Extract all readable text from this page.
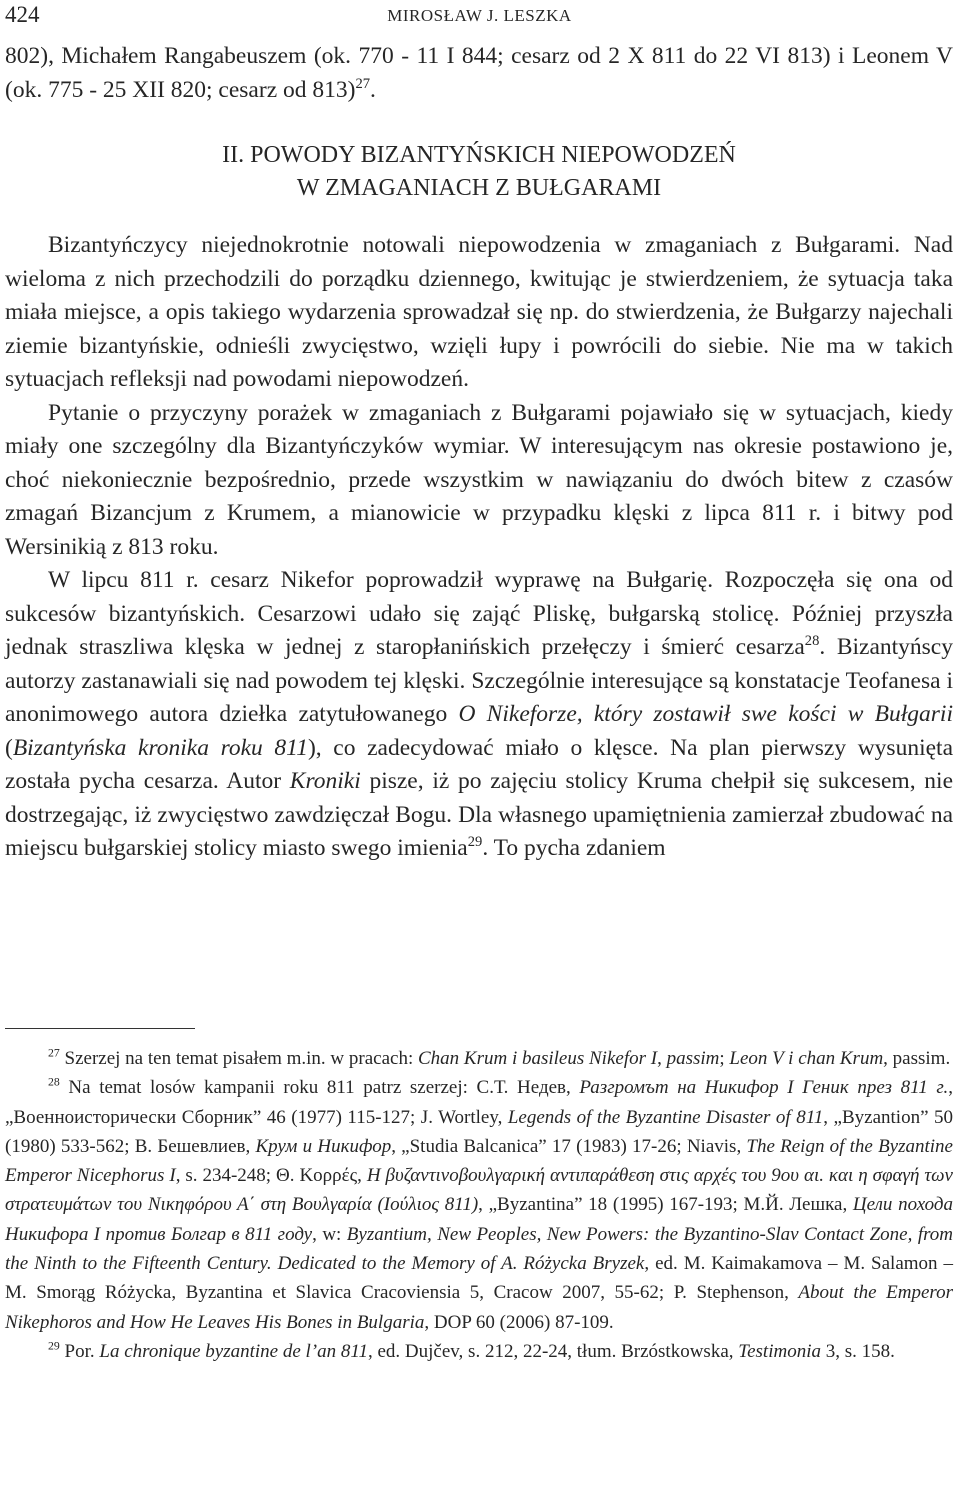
424	MIROSŁAW J. LESZKA

802), Michałem Rangabeuszem (ok. 770 - 11 I 844; cesarz od 2 X 811 do 22 VI 813) i Leonem V (ok. 775 - 25 XII 820; cesarz od 813)$^{27}$.

II. POWODY BIZANTYŃSKICH NIEPOWODZEŃ
W ZMAGANIACH Z BUŁGARAMI

Bizantyńczycy niejednokrotnie notowali niepowodzenia w zmaganiach z Bułgarami. Nad wieloma z nich przechodzili do porządku dziennego, kwitując je stwierdzeniem, że sytuacja taka miała miejsce, a opis takiego wydarzenia sprowadzał się np. do stwierdzenia, że Bułgarzy najechali ziemie bizantyńskie, odnieśli zwycięstwo, wzięli łupy i powrócili do siebie. Nie ma w takich sytuacjach refleksji nad powodami niepowodzeń.

Pytanie o przyczyny porażek w zmaganiach z Bułgarami pojawiało się w sytuacjach, kiedy miały one szczególny dla Bizantyńczyków wymiar. W interesującym nas okresie postawiono je, choć niekoniecznie bezpośrednio, przede wszystkim w nawiązaniu do dwóch bitew z czasów zmagań Bizancjum z Krumem, a mianowicie w przypadku klęski z lipca 811 r. i bitwy pod Wersinikią z 813 roku.

W lipcu 811 r. cesarz Nikefor poprowadził wyprawę na Bułgarię. Rozpoczęła się ona od sukcesów bizantyńskich. Cesarzowi udało się zająć Pliskę, bułgarską stolicę. Później przyszła jednak straszliwa klęska w jednej z staropłanińskich przełęczy i śmierć cesarza$^{28}$. Bizantyńscy autorzy zastanawiali się nad powodem tej klęski. Szczególnie interesujące są konstatacje Teofanesa i anonimowego autora dziełka zatytułowanego O Nikeforze, który zostawił swe kości w Bułgarii (Bizantyńska kronika roku 811), co zadecydować miało o klęsce. Na plan pierwszy wysunięta została pycha cesarza. Autor Kroniki pisze, iż po zajęciu stolicy Kruma chełpił się sukcesem, nie dostrzegając, iż zwycięstwo zawdzięczał Bogu. Dla własnego upamiętnienia zamierzał zbudować na miejscu bułgarskiej stolicy miasto swego imienia$^{29}$. To pycha zdaniem

$^{27}$ Szerzej na ten temat pisałem m.in. w pracach: Chan Krum i basileus Nikefor I, passim; Leon V i chan Krum, passim.

$^{28}$ Na temat losów kampanii roku 811 patrz szerzej: С.Т. Недев, Разгромът на Никифор I Геник през 811 г., „Военноисторически Сборник” 46 (1977) 115-127; J. Wortley, Legends of the Byzantine Disaster of 811, „Byzantion” 50 (1980) 533-562; В. Бешевлиев, Крум и Никифор, „Studia Balcanica” 17 (1983) 17-26; Niavis, The Reign of the Byzantine Emperor Nicephorus I, s. 234-248; Θ. Κορρές, Η βυζαντινοβουλγαρική αντιπαράθεση στις αρχές του 9ου αι. και η σφαγή των στρατευμάτων του Νικηφόρου Α΄ στη Βουλγαρία (Ιούλιος 811), „Byzantina” 18 (1995) 167-193; М.Й. Лешка, Цели похода Никифора I против Болгар в 811 году, w: Byzantium, New Peoples, New Powers: the Byzantino-Slav Contact Zone, from the Ninth to the Fifteenth Century. Dedicated to the Memory of A. Różycka Bryzek, ed. M. Kaimakamova – M. Salamon – M. Smorąg Różycka, Byzantina et Slavica Cracoviensia 5, Cracow 2007, 55-62; P. Stephenson, About the Emperor Nikephoros and How He Leaves His Bones in Bulgaria, DOP 60 (2006) 87-109.

$^{29}$ Por. La chronique byzantine de l’an 811, ed. Dujčev, s. 212, 22-24, tłum. Brzóstkowska, Testimonia 3, s. 158.
